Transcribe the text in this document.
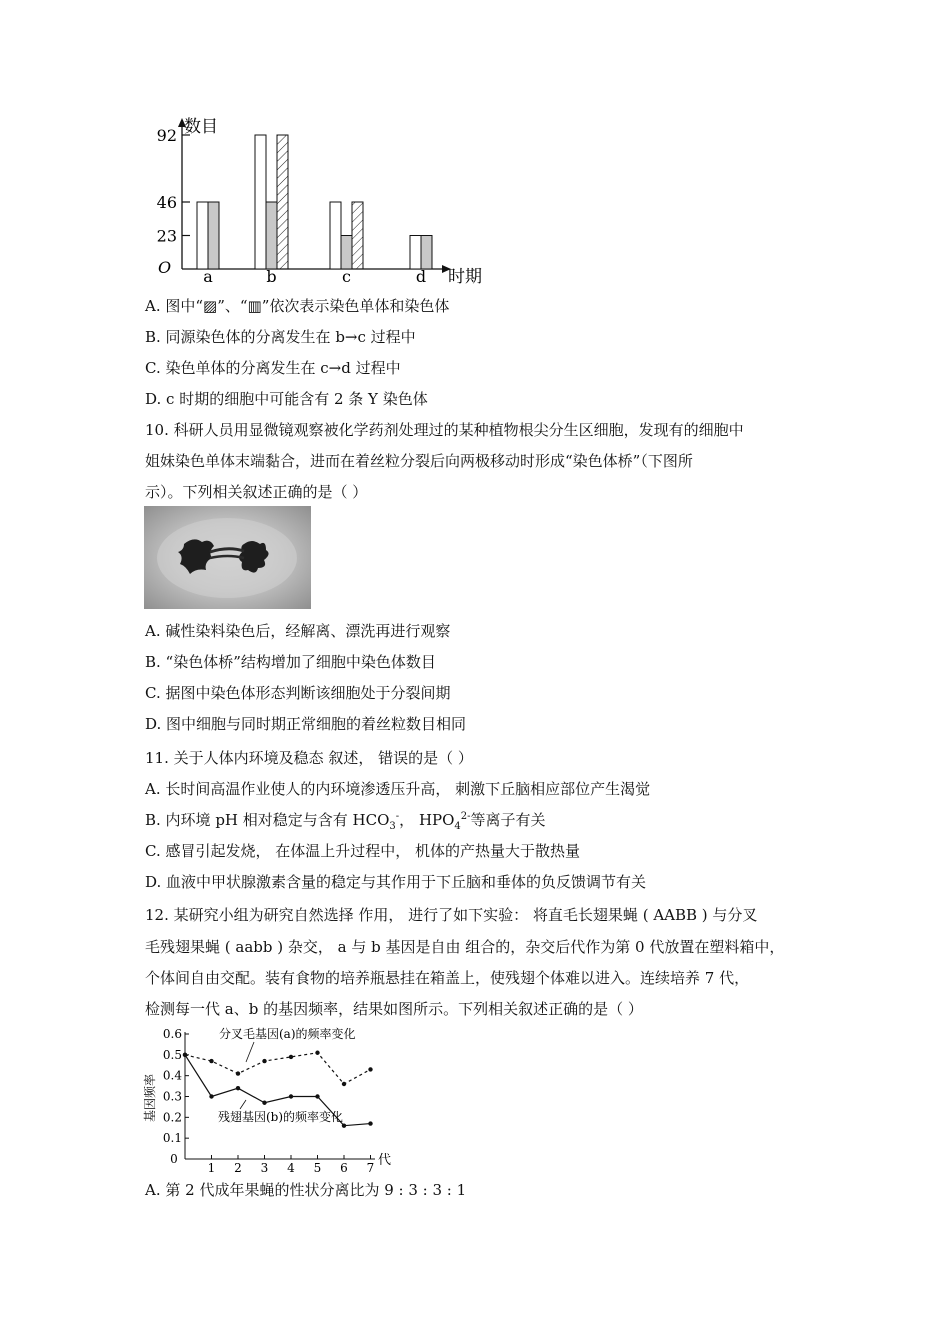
数目
时期
O
92
46
23
a	b	c	d
A. 图中“▨”、“▥”依次表示染色单体和染色体
B. 同源染色体的分离发生在 b→c 过程中
C. 染色单体的分离发生在 c→d 过程中
D. c 时期的细胞中可能含有 2 条 Y 染色体
10. 科研人员用显微镜观察被化学药剂处理过的某种植物根尖分生区细胞，发现有的细胞中
姐妹染色单体末端黏合，进而在着丝粒分裂后向两极移动时形成“染色体桥”（下图所
示）。下列相关叙述正确的是（ ）
A. 碱性染料染色后，经解离、漂洗再进行观察
B. “染色体桥”结构增加了细胞中染色体数目
C. 据图中染色体形态判断该细胞处于分裂间期
D. 图中细胞与同时期正常细胞的着丝粒数目相同
11. 关于人体内环境及稳态 叙述， 错误的是（ ）
A. 长时间高温作业使人的内环境渗透压升高， 刺激下丘脑相应部位产生渴觉
B. 内环境 pH 相对稳定与含有 $HCO_3^-$， $HPO_4^{2-}$等离子有关
C. 感冒引起发烧， 在体温上升过程中， 机体的产热量大于散热量
D. 血液中甲状腺激素含量的稳定与其作用于下丘脑和垂体的负反馈调节有关
12. 某研究小组为研究自然选择 作用， 进行了如下实验： 将直毛长翅果蝇 ( AABB ) 与分叉
毛残翅果蝇 ( aabb ) 杂交， a 与 b 基因是自由 组合的，杂交后代作为第 0 代放置在塑料箱中，
个体间自由交配。装有食物的培养瓶悬挂在箱盖上，使残翅个体难以进入。连续培养 7 代，
检测每一代 a、b 的基因频率，结果如图所示。下列相关叙述正确的是（ ）
基因频率
代
0.6
0.5
0.4
0.3
0.2
0.1
0
1 2 3 4 5 6 7
分叉毛基因(a)的频率变化
残翅基因(b)的频率变化
A. 第 2 代成年果蝇的性状分离比为 9 : 3 : 3 : 1
